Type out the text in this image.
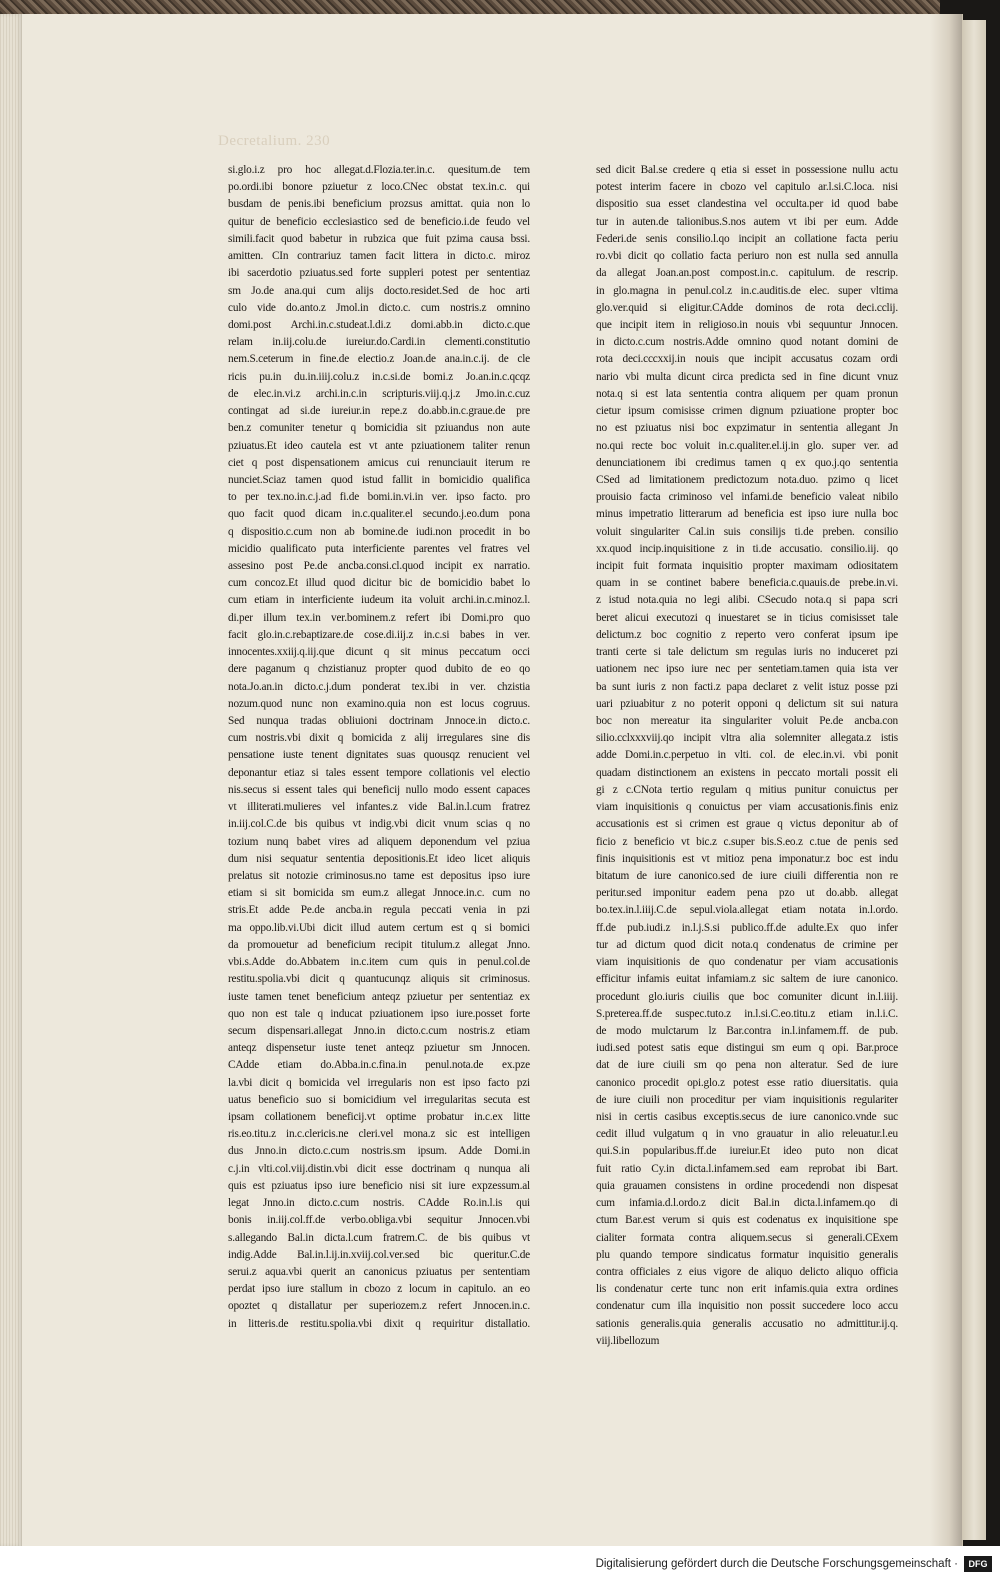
Decretalium. 230
si.glo.i.z pro hoc allegat.d.Flozia.ter.in.c. quesitum.de tem
po.ordi.ibi bonore pziuetur z loco.CNec obstat tex.in.c. qui
busdam de penis.ibi beneficium prozsus amittat. quia non lo
quitur de beneficio ecclesiastico sed de beneficio.i.de feudo vel
simili.facit quod babetur in rubzica que fuit pzima causa bssi.
amitten. CIn contrariuz tamen facit littera in dicto.c. miroz
ibi sacerdotio pziuatus.sed forte suppleri potest per sententiaz
sm Jo.de ana.qui cum alijs docto.residet.Sed de hoc arti
culo vide do.anto.z Jmol.in dicto.c. cum nostris.z omnino
domi.post Archi.in.c.studeat.l.di.z domi.abb.in dicto.c.que
relam in.iij.colu.de iureiur.do.Cardi.in clementi.constitutio
nem.S.ceterum in fine.de electio.z Joan.de ana.in.c.ij. de cle
ricis pu.in du.in.iiij.colu.z in.c.si.de bomi.z Jo.an.in.c.qcqz
de elec.in.vi.z archi.in.c.in scripturis.viij.q.j.z Jmo.in.c.cuz
contingat ad si.de iureiur.in repe.z do.abb.in.c.graue.de pre
ben.z comuniter tenetur q bomicidia sit pziuandus non aute
pziuatus.Et ideo cautela est vt ante pziuationem taliter renun
ciet q post dispensationem amicus cui renunciauit iterum re
nunciet.Sciaz tamen quod istud fallit in bomicidio qualifica
to per tex.no.in.c.j.ad fi.de bomi.in.vi.in ver. ipso facto. pro
quo facit quod dicam in.c.qualiter.el secundo.j.eo.dum pona
q dispositio.c.cum non ab bomine.de iudi.non procedit in bo
micidio qualificato puta interficiente parentes vel fratres vel
assesino post Pe.de ancba.consi.cl.quod incipit ex narratio.
cum concoz.Et illud quod dicitur bic de bomicidio babet lo
cum etiam in interficiente iudeum ita voluit archi.in.c.minoz.l.
di.per illum tex.in ver.bominem.z refert ibi Domi.pro quo
facit glo.in.c.rebaptizare.de cose.di.iij.z in.c.si babes in ver.
innocentes.xxiij.q.iij.que dicunt q sit minus peccatum occi
dere paganum q chzistianuz propter quod dubito de eo qo
nota.Jo.an.in dicto.c.j.dum ponderat tex.ibi in ver. chzistia
nozum.quod nunc non examino.quia non est locus cogruus.
Sed nunqua tradas obliuioni doctrinam Jnnoce.in dicto.c.
cum nostris.vbi dixit q bomicida z alij irregulares sine dis
pensatione iuste tenent dignitates suas quousqz renucient vel
deponantur etiaz si tales essent tempore collationis vel electio
nis.secus si essent tales qui beneficij nullo modo essent capaces
vt illiterati.mulieres vel infantes.z vide Bal.in.l.cum fratrez
in.iij.col.C.de bis quibus vt indig.vbi dicit vnum scias q no
tozium nunq babet vires ad aliquem deponendum vel pziua
dum nisi sequatur sententia depositionis.Et ideo licet aliquis
prelatus sit notozie criminosus.no tame est depositus ipso iure
etiam si sit bomicida sm eum.z allegat Jnnoce.in.c. cum no
stris.Et adde Pe.de ancba.in regula peccati venia in pzi
ma oppo.lib.vi.Ubi dicit illud autem certum est q si bomici
da promouetur ad beneficium recipit titulum.z allegat Jnno.
vbi.s.Adde do.Abbatem in.c.item cum quis in penul.col.de
restitu.spolia.vbi dicit q quantucunqz aliquis sit criminosus.
iuste tamen tenet beneficium anteqz pziuetur per sententiaz ex
quo non est tale q inducat pziuationem ipso iure.posset forte
secum dispensari.allegat Jnno.in dicto.c.cum nostris.z etiam
anteqz dispensetur iuste tenet anteqz pziuetur sm Jnnocen.
CAdde etiam do.Abba.in.c.fina.in penul.nota.de ex.pze
la.vbi dicit q bomicida vel irregularis non est ipso facto pzi
uatus beneficio suo si bomicidium vel irregularitas secuta est
ipsam collationem beneficij.vt optime probatur in.c.ex litte
ris.eo.titu.z in.c.clericis.ne cleri.vel mona.z sic est intelligen
dus Jnno.in dicto.c.cum nostris.sm ipsum. Adde Domi.in
c.j.in vlti.col.viij.distin.vbi dicit esse doctrinam q nunqua ali
quis est pziuatus ipso iure beneficio nisi sit iure expzessum.al
legat Jnno.in dicto.c.cum nostris. CAdde Ro.in.l.is qui
bonis in.iij.col.ff.de verbo.obliga.vbi sequitur Jnnocen.vbi
s.allegando Bal.in dicta.l.cum fratrem.C. de bis quibus vt
indig.Adde Bal.in.l.ij.in.xviij.col.ver.sed bic queritur.C.de
serui.z aqua.vbi querit an canonicus pziuatus per sententiam
perdat ipso iure stallum in cbozo z locum in capitulo. an eo
opoztet q distallatur per superiozem.z refert Jnnocen.in.c.
in litteris.de restitu.spolia.vbi dixit q requiritur distallatio.
sed dicit Bal.se credere q etia si esset in possessione nullu actu
potest interim facere in cbozo vel capitulo ar.l.si.C.loca. nisi
dispositio sua esset clandestina vel occulta.per id quod babe
tur in auten.de talionibus.S.nos autem vt ibi per eum. Adde
Federi.de senis consilio.l.qo incipit an collatione facta periu
ro.vbi dicit qo collatio facta periuro non est nulla sed annulla
da allegat Joan.an.post compost.in.c. capitulum. de rescrip.
in glo.magna in penul.col.z in.c.auditis.de elec. super vltima
glo.ver.quid si eligitur.CAdde dominos de rota deci.cclij.
que incipit item in religioso.in nouis vbi sequuntur Jnnocen.
in dicto.c.cum nostris.Adde omnino quod notant domini de
rota deci.cccxxij.in nouis que incipit accusatus cozam ordi
nario vbi multa dicunt circa predicta sed in fine dicunt vnuz
nota.q si est lata sententia contra aliquem per quam pronun
cietur ipsum comisisse crimen dignum pziuatione propter boc
no est pziuatus nisi boc expzimatur in sententia allegant Jn
no.qui recte boc voluit in.c.qualiter.el.ij.in glo. super ver. ad
denunciationem ibi credimus tamen q ex quo.j.qo sententia
CSed ad limitationem predictozum nota.duo. pzimo q licet
prouisio facta criminoso vel infami.de beneficio valeat nibilo
minus impetratio litterarum ad beneficia est ipso iure nulla boc
voluit singulariter Cal.in suis consilijs ti.de preben. consilio
xx.quod incip.inquisitione z in ti.de accusatio. consilio.iij. qo
incipit fuit formata inquisitio propter maximam odiositatem
quam in se continet babere beneficia.c.quauis.de prebe.in.vi.
z istud nota.quia no legi alibi. CSecudo nota.q si papa scri
beret alicui executozi q inuestaret se in ticius comisisset tale
delictum.z boc cognitio z reperto vero conferat ipsum ipe
tranti certe si tale delictum sm regulas iuris no induceret pzi
uationem nec ipso iure nec per sentetiam.tamen quia ista ver
ba sunt iuris z non facti.z papa declaret z velit istuz posse pzi
uari pziuabitur z no poterit opponi q delictum sit sui natura
boc non mereatur ita singulariter voluit Pe.de ancba.con
silio.cclxxxviij.qo incipit vltra alia solemniter allegata.z istis
adde Domi.in.c.perpetuo in vlti. col. de elec.in.vi. vbi ponit
quadam distinctionem an existens in peccato mortali possit eli
gi z c.CNota tertio regulam q mitius punitur conuictus per
viam inquisitionis q conuictus per viam accusationis.finis eniz
accusationis est si crimen est graue q victus deponitur ab of
ficio z beneficio vt bic.z c.super bis.S.eo.z c.tue de penis sed
finis inquisitionis est vt mitioz pena imponatur.z boc est indu
bitatum de iure canonico.sed de iure ciuili differentia non re
peritur.sed imponitur eadem pena pzo ut do.abb. allegat
bo.tex.in.l.iiij.C.de sepul.viola.allegat etiam notata in.l.ordo.
ff.de pub.iudi.z in.l.j.S.si publico.ff.de adulte.Ex quo infer
tur ad dictum quod dicit nota.q condenatus de crimine per
viam inquisitionis de quo condenatur per viam accusationis
efficitur infamis euitat infamiam.z sic saltem de iure canonico.
procedunt glo.iuris ciuilis que boc comuniter dicunt in.l.iiij.
S.preterea.ff.de suspec.tuto.z in.l.si.C.eo.titu.z etiam in.l.i.C.
de modo mulctarum lz Bar.contra in.l.infamem.ff. de pub.
iudi.sed potest satis eque distingui sm eum q opi. Bar.proce
dat de iure ciuili sm qo pena non alteratur. Sed de iure
canonico procedit opi.glo.z potest esse ratio diuersitatis. quia
de iure ciuili non proceditur per viam inquisitionis regulariter
nisi in certis casibus exceptis.secus de iure canonico.vnde suc
cedit illud vulgatum q in vno grauatur in alio releuatur.l.eu
qui.S.in popularibus.ff.de iureiur.Et ideo puto non dicat
fuit ratio Cy.in dicta.l.infamem.sed eam reprobat ibi Bart.
quia grauamen consistens in ordine procedendi non dispesat
cum infamia.d.l.ordo.z dicit Bal.in dicta.l.infamem.qo di
ctum Bar.est verum si quis est codenatus ex inquisitione spe
cialiter formata contra aliquem.secus si generali.CExem
plu quando tempore sindicatus formatur inquisitio generalis
contra officiales z eius vigore de aliquo delicto aliquo officia
lis condenatur certe tunc non erit infamis.quia extra ordines
condenatur cum illa inquisitio non possit succedere loco accu
sationis generalis.quia generalis accusatio no admittitur.ij.q.
viij.libellozum
Digitalisierung gefördert durch die Deutsche Forschungsgemeinschaft ·	DFG
